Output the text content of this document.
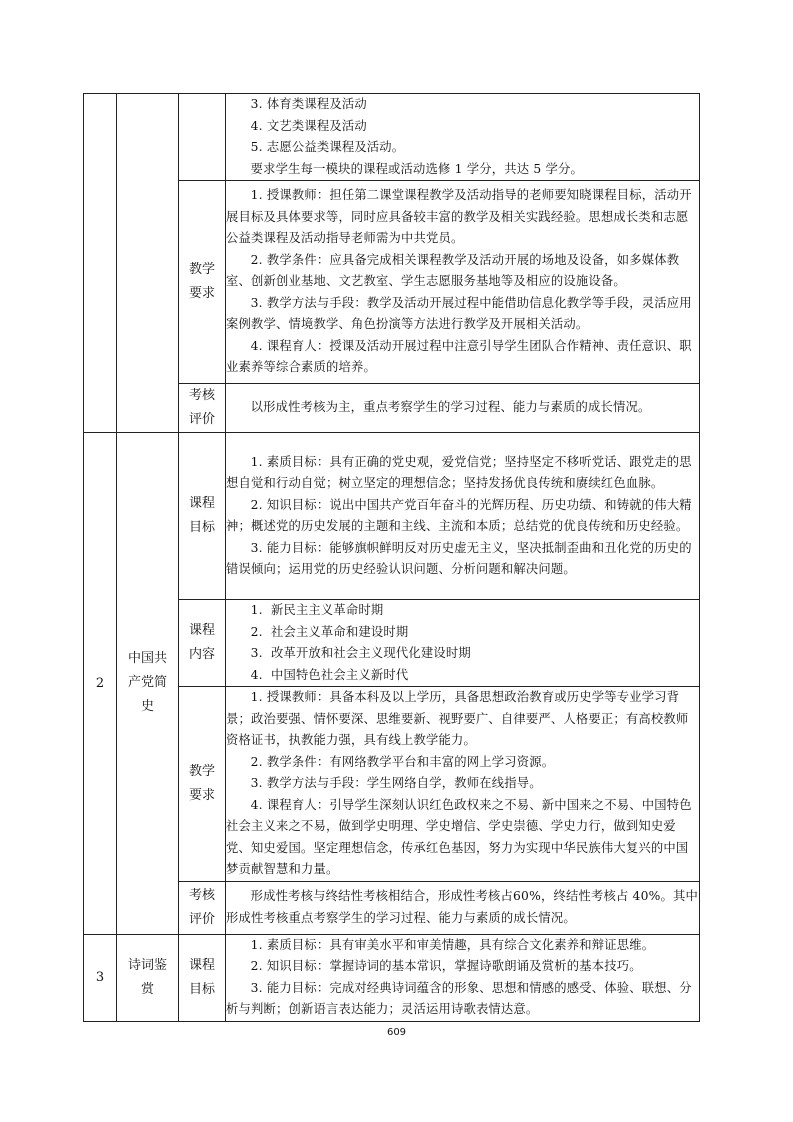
			3. 体育类课程及活动
4. 文艺类课程及活动
5. 志愿公益类课程及活动。
要求学生每一模块的课程或活动选修 1 学分，共达 5 学分。

		教学要求	1. 授课教师：担任第二课堂课程教学及活动指导的老师要知晓课程目标，活动开展目标及具体要求等，同时应具备较丰富的教学及相关实践经验。思想成长类和志愿公益类课程及活动指导老师需为中共党员。
2. 教学条件：应具备完成相关课程教学及活动开展的场地及设备，如多媒体教室、创新创业基地、文艺教室、学生志愿服务基地等及相应的设施设备。
3. 教学方法与手段：教学及活动开展过程中能借助信息化教学等手段，灵活应用案例教学、情境教学、角色扮演等方法进行教学及开展相关活动。
4. 课程育人：授课及活动开展过程中注意引导学生团队合作精神、责任意识、职业素养等综合素质的培养。

		考核评价	以形成性考核为主，重点考察学生的学习过程、能力与素质的成长情况。

2	中国共产党简史	课程目标	1. 素质目标：具有正确的党史观，爱党信党；坚持坚定不移听党话、跟党走的思想自觉和行动自觉；树立坚定的理想信念；坚持发扬优良传统和赓续红色血脉。
2. 知识目标：说出中国共产党百年奋斗的光辉历程、历史功绩、和铸就的伟大精神；概述党的历史发展的主题和主线、主流和本质；总结党的优良传统和历史经验。
3. 能力目标：能够旗帜鲜明反对历史虚无主义，坚决抵制歪曲和丑化党的历史的错误倾向；运用党的历史经验认识问题、分析问题和解决问题。

		课程内容	1.  新民主主义革命时期
2.  社会主义革命和建设时期
3.  改革开放和社会主义现代化建设时期
4.  中国特色社会主义新时代

		教学要求	1. 授课教师：具备本科及以上学历，具备思想政治教育或历史学等专业学习背景；政治要强、情怀要深、思维要新、视野要广、自律要严、人格要正；有高校教师资格证书，执教能力强，具有线上教学能力。
2. 教学条件：有网络教学平台和丰富的网上学习资源。
3. 教学方法与手段：学生网络自学，教师在线指导。
4. 课程育人：引导学生深刻认识红色政权来之不易、新中国来之不易、中国特色社会主义来之不易，做到学史明理、学史增信、学史崇德、学史力行，做到知史爱党、知史爱国。坚定理想信念，传承红色基因，努力为实现中华民族伟大复兴的中国梦贡献智慧和力量。

		考核评价	形成性考核与终结性考核相结合，形成性考核占60%，终结性考核占 40%。其中形成性考核重点考察学生的学习过程、能力与素质的成长情况。

3	诗词鉴赏	课程目标	1. 素质目标：具有审美水平和审美情趣，具有综合文化素养和辩证思维。
2. 知识目标：掌握诗词的基本常识，掌握诗歌朗诵及赏析的基本技巧。
3. 能力目标：完成对经典诗词蕴含的形象、思想和情感的感受、体验、联想、分析与判断；创新语言表达能力；灵活运用诗歌表情达意。
609
